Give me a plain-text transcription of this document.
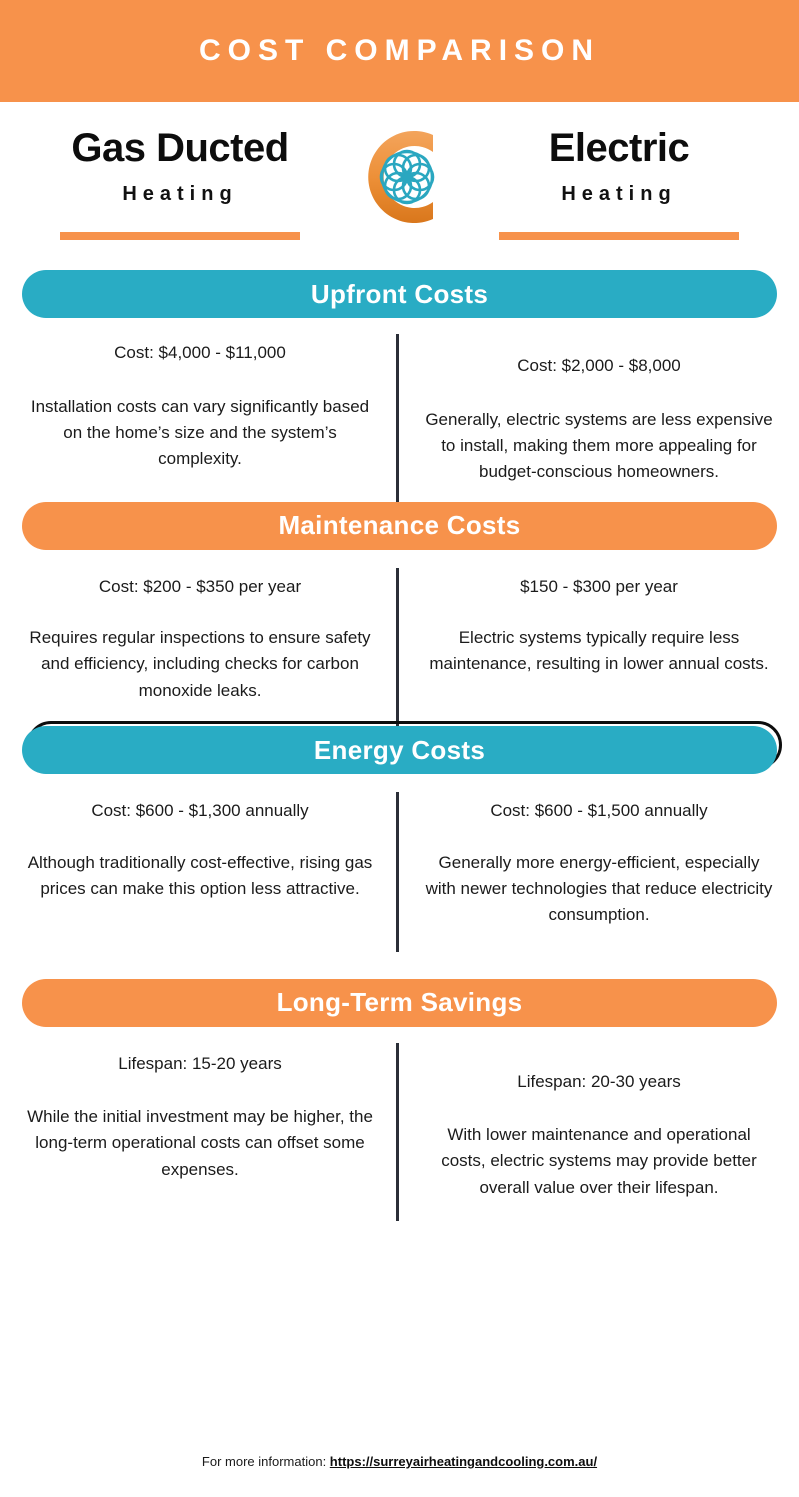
COST COMPARISON
Gas Ducted
Heating
Electric
Heating
Upfront Costs
Cost: $4,000 - $11,000
Installation costs can vary significantly based on the home’s size and the system’s complexity.
Cost: $2,000 - $8,000
Generally, electric systems are less expensive to install, making them more appealing for budget-conscious homeowners.
Maintenance Costs
Cost: $200 - $350 per year
Requires regular inspections to ensure safety and efficiency, including checks for carbon monoxide leaks.
$150 - $300 per year
Electric systems typically require less maintenance, resulting in lower annual costs.
Energy Costs
Cost: $600 - $1,300 annually
Although traditionally cost-effective, rising gas prices can make this option less attractive.
Cost: $600 - $1,500 annually
Generally more energy-efficient, especially with newer technologies that reduce electricity consumption.
Long-Term Savings
Lifespan: 15-20 years
While the initial investment may be higher, the long-term operational costs can offset some expenses.
Lifespan: 20-30 years
With lower maintenance and operational costs, electric systems may provide better overall value over their lifespan.
For more information: https://surreyairheatingandcooling.com.au/
